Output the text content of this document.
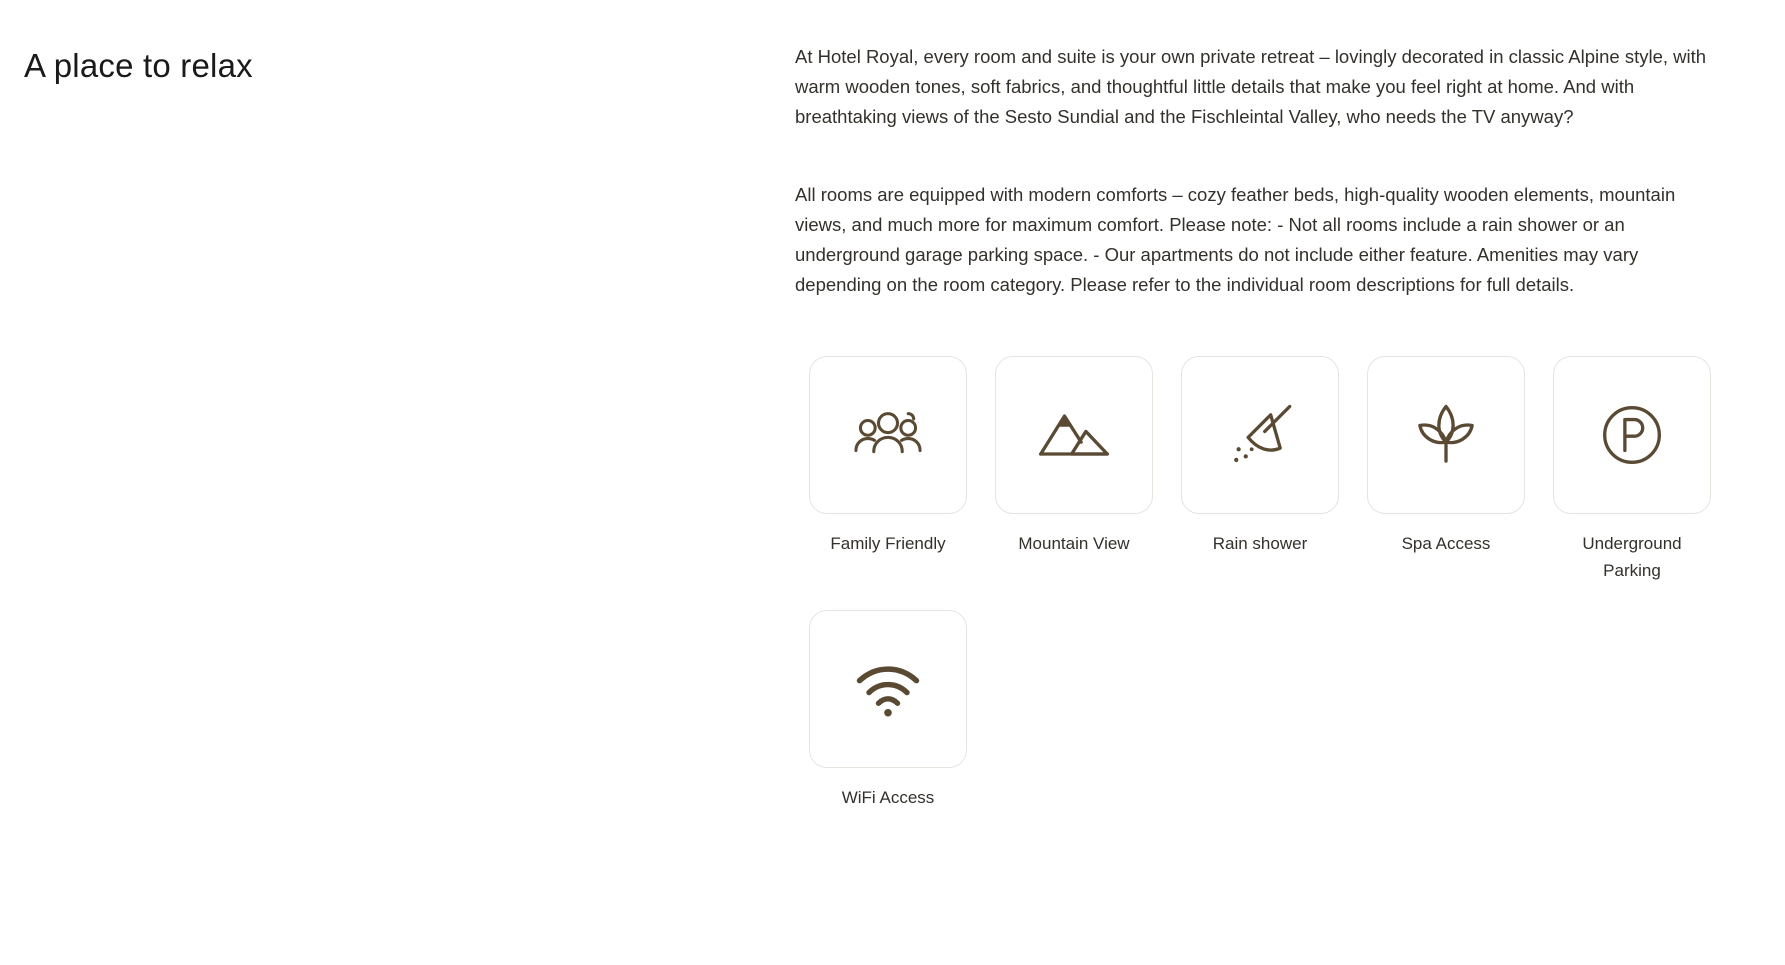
A place to relax	At Hotel Royal, every room and suite is your own private retreat – lovingly decorated in classic Alpine style, with warm wooden tones, soft fabrics, and thoughtful little details that make you feel right at home. And with breathtaking views of the Sesto Sundial and the Fischleintal Valley, who needs the TV anyway?

All rooms are equipped with modern comforts – cozy feather beds, high-quality wooden elements, mountain views, and much more for maximum comfort. Please note: - Not all rooms include a rain shower or an underground garage parking space. - Our apartments do not include either feature. Amenities may vary depending on the room category. Please refer to the individual room descriptions for full details.

Family Friendly	Mountain View	Rain shower	Spa Access	Underground Parking
WiFi Access
